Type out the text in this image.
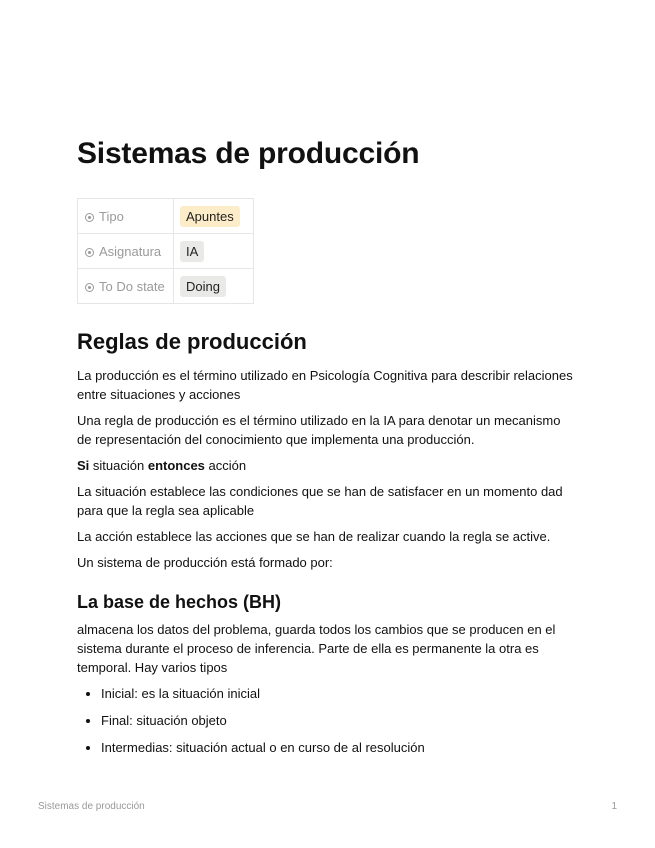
Sistemas de producción
Tipo	Apuntes
Asignatura	IA
To Do state	Doing
Reglas de producción

La producción es el término utilizado en Psicología Cognitiva para describir relaciones entre situaciones y acciones

Una regla de producción es el término utilizado en la IA para denotar un mecanismo de representación del conocimiento que implementa una producción.

Si situación entonces acción

La situación establece las condiciones que se han de satisfacer en un momento dad para que la regla sea aplicable

La acción establece las acciones que se han de realizar cuando la regla se active.

Un sistema de producción está formado por:

La base de hechos (BH)

almacena los datos del problema, guarda todos los cambios que se producen en el sistema durante el proceso de inferencia. Parte de ella es permanente la otra es temporal. Hay varios tipos

• Inicial: es la situación inicial
• Final: situación objeto
• Intermedias: situación actual o en curso de al resolución
Sistemas de producción	1
